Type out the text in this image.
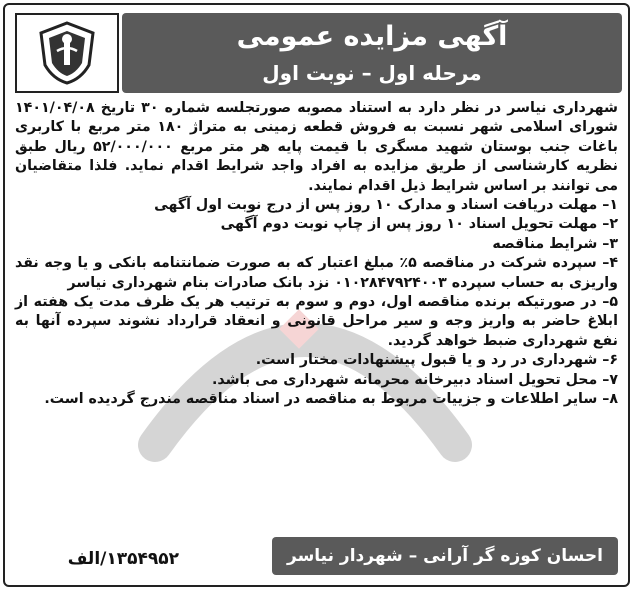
آگهی مزایده عمومی
مرحله اول – نوبت اول

شهرداری نیاسر در نظر دارد به استناد مصوبه صورتجلسه شماره ۳۰ تاریخ ۱۴۰۱/۰۴/۰۸ شورای اسلامی شهر نسبت به فروش قطعه زمینی به متراژ ۱۸۰ متر مربع با کاربری باغات جنب بوستان شهید مسگری با قیمت پایه هر متر مربع ۵۲/۰۰۰/۰۰۰ ریال طبق نظریه کارشناسی از طریق مزایده به افراد واجد شرایط اقدام نماید. فلذا متقاضیان می توانند بر اساس شرایط ذیل اقدام نمایند.

۱– مهلت دریافت اسناد و مدارک ۱۰ روز پس از درج نوبت اول آگهی

۲– مهلت تحویل اسناد ۱۰ روز پس از چاپ نوبت دوم آگهی

۳– شرایط مناقصه

۴– سپرده شرکت در مناقصه ۵٪ مبلغ اعتبار که به صورت ضمانتنامه بانکی و یا وجه نقد واریزی به حساب سپرده ۰۱۰۲۸۴۷۹۲۴۰۰۳ نزد بانک صادرات بنام شهرداری نیاسر

۵– در صورتیکه برنده مناقصه اول، دوم و سوم به ترتیب هر یک ظرف مدت یک هفته از ابلاغ حاضر به واریز وجه و سیر مراحل قانونی و انعقاد قرارداد نشوند سپرده آنها به نفع شهرداری ضبط خواهد گردید.

۶– شهرداری در رد و یا قبول پیشنهادات مختار است.

۷– محل تحویل اسناد دبیرخانه محرمانه شهرداری می باشد.

۸– سایر اطلاعات و جزییات مربوط به مناقصه در اسناد مناقصه مندرج گردیده است.

۱۳۵۴۹۵۲/الف	احسان کوزه گر آرانی – شهردار نیاسر
